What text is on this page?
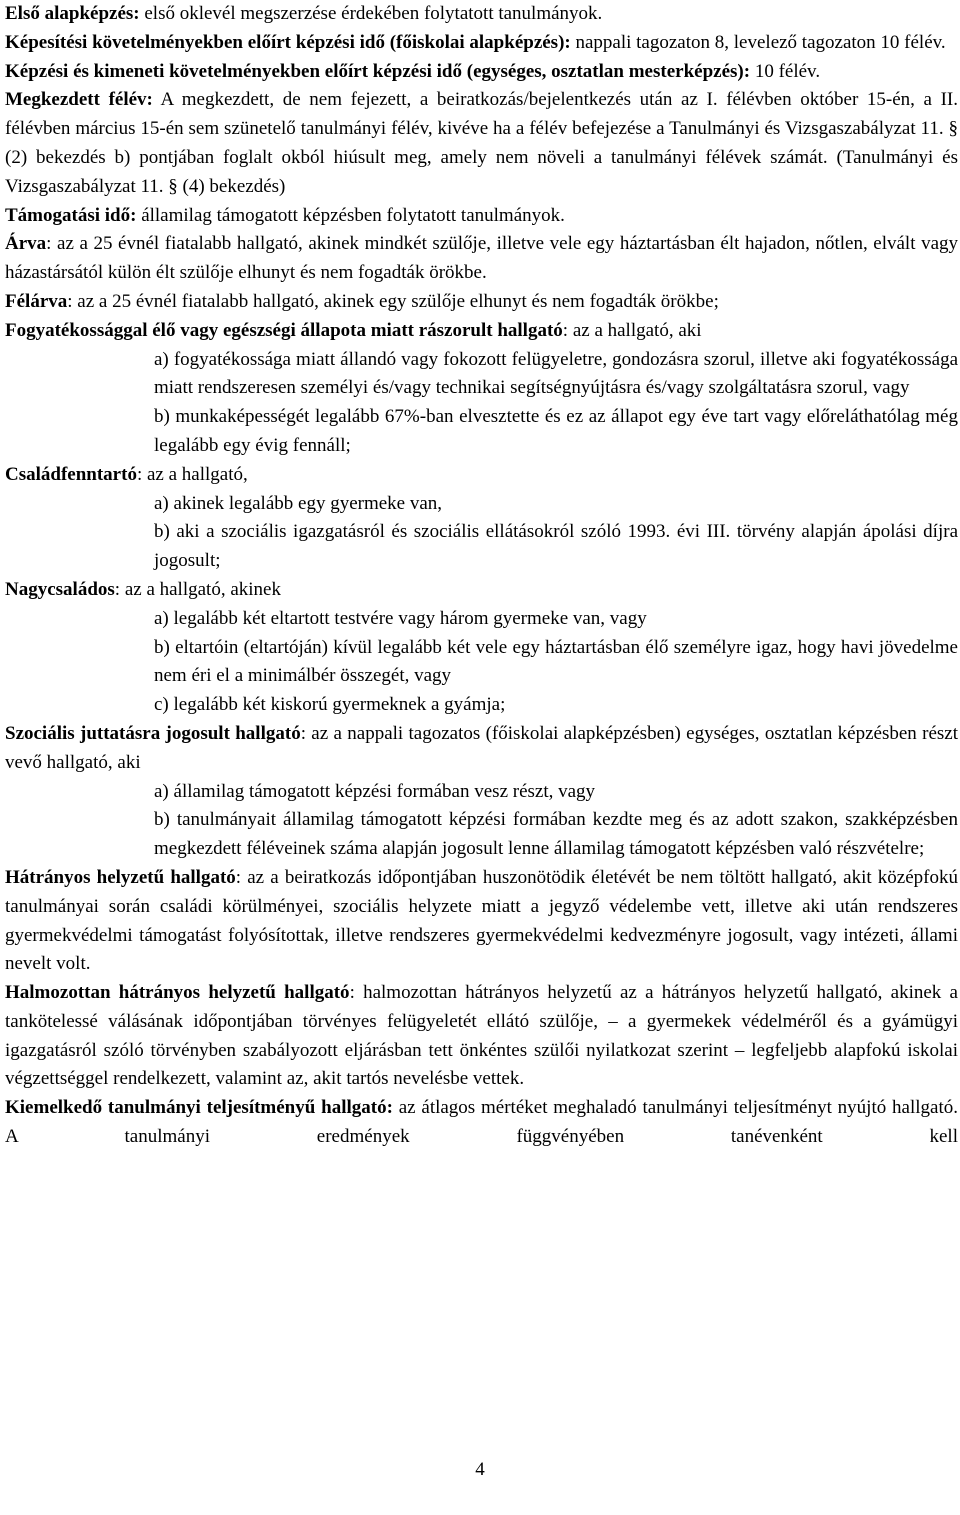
Első alapképzés: első oklevél megszerzése érdekében folytatott tanulmányok.

Képesítési követelményekben előírt képzési idő (főiskolai alapképzés): nappali tagozaton 8, levelező tagozaton 10 félév.

Képzési és kimeneti követelményekben előírt képzési idő (egységes, osztatlan mesterképzés): 10 félév.

Megkezdett félév: A megkezdett, de nem fejezett, a beiratkozás/bejelentkezés után az I. félévben október 15-én, a II. félévben március 15-én sem szünetelő tanulmányi félév, kivéve ha a félév befejezése a Tanulmányi és Vizsgaszabályzat 11. § (2) bekezdés b) pontjában foglalt okból hiúsult meg, amely nem növeli a tanulmányi félévek számát. (Tanulmányi és Vizsgaszabályzat 11. § (4) bekezdés)

Támogatási idő: államilag támogatott képzésben folytatott tanulmányok.

Árva: az a 25 évnél fiatalabb hallgató, akinek mindkét szülője, illetve vele egy háztartásban élt hajadon, nőtlen, elvált vagy házastársától külön élt szülője elhunyt és nem fogadták örökbe.

Félárva: az a 25 évnél fiatalabb hallgató, akinek egy szülője elhunyt és nem fogadták örökbe;

Fogyatékossággal élő vagy egészségi állapota miatt rászorult hallgató: az a hallgató, aki

a) fogyatékossága miatt állandó vagy fokozott felügyeletre, gondozásra szorul, illetve aki fogyatékossága miatt rendszeresen személyi és/vagy technikai segítségnyújtásra és/vagy szolgáltatásra szorul, vagy

b) munkaképességét legalább 67%-ban elvesztette és ez az állapot egy éve tart vagy előreláthatólag még legalább egy évig fennáll;

Családfenntartó: az a hallgató,

a) akinek legalább egy gyermeke van,

b) aki a szociális igazgatásról és szociális ellátásokról szóló 1993. évi III. törvény alapján ápolási díjra jogosult;

Nagycsaládos: az a hallgató, akinek

a) legalább két eltartott testvére vagy három gyermeke van, vagy

b) eltartóin (eltartóján) kívül legalább két vele egy háztartásban élő személyre igaz, hogy havi jövedelme nem éri el a minimálbér összegét, vagy

c) legalább két kiskorú gyermeknek a gyámja;

Szociális juttatásra jogosult hallgató: az a nappali tagozatos (főiskolai alapképzésben) egységes, osztatlan képzésben részt vevő hallgató, aki

a) államilag támogatott képzési formában vesz részt, vagy

b) tanulmányait államilag támogatott képzési formában kezdte meg és az adott szakon, szakképzésben megkezdett féléveinek száma alapján jogosult lenne államilag támogatott képzésben való részvételre;

Hátrányos helyzetű hallgató: az a beiratkozás időpontjában huszonötödik életévét be nem töltött hallgató, akit középfokú tanulmányai során családi körülményei, szociális helyzete miatt a jegyző védelembe vett, illetve aki után rendszeres gyermekvédelmi támogatást folyósítottak, illetve rendszeres gyermekvédelmi kedvezményre jogosult, vagy intézeti, állami nevelt volt.

Halmozottan hátrányos helyzetű hallgató: halmozottan hátrányos helyzetű az a hátrányos helyzetű hallgató, akinek a tankötelessé válásának időpontjában törvényes felügyeletét ellátó szülője, – a gyermekek védelméről és a gyámügyi igazgatásról szóló törvényben szabályozott eljárásban tett önkéntes szülői nyilatkozat szerint – legfeljebb alapfokú iskolai végzettséggel rendelkezett, valamint az, akit tartós nevelésbe vettek.

Kiemelkedő tanulmányi teljesítményű hallgató: az átlagos mértéket meghaladó tanulmányi teljesítményt nyújtó hallgató. A tanulmányi eredmények függvényében tanévenként kell

4
